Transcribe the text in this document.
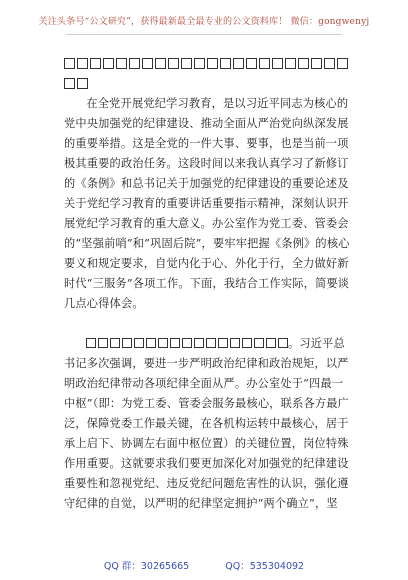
关注头条号“公文研究”，获得最新最全最专业的公文资料库！ 微信：gongwenyj

在全党开展党纪学习教育，是以习近平同志为核心的党中央加强党的纪律建设、推动全面从严治党向纵深发展的重要举措。这是全党的一件大事、要事，也是当前一项极其重要的政治任务。这段时间以来我认真学习了新修订的《条例》和总书记关于加强党的纪律建设的重要论述及关于党纪学习教育的重要讲话重要指示精神，深刻认识开展党纪学习教育的重大意义。办公室作为党工委、管委会的“坚强前哨”和“巩固后院”，要牢牢把握《条例》的核心要义和规定要求，自觉内化于心、外化于行，全力做好新时代“三服务”各项工作。下面，我结合工作实际，简要谈几点心得体会。

。习近平总书记多次强调，要进一步严明政治纪律和政治规矩，以严明政治纪律带动各项纪律全面从严。办公室处于“四最一中枢”（即：为党工委、管委会服务最核心，联系各方最广泛，保障党委工作最关键，在各机构运转中最核心，居于承上启下、协调左右面中枢位置）的关键位置，岗位特殊作用重要。这就要求我们要更加深化对加强党的纪律建设重要性和忽视党纪、违反党纪问题危害性的认识，强化遵守纪律的自觉，以严明的纪律坚定拥护“两个确立”，坚

QQ 群：30265665	QQ：535304092
